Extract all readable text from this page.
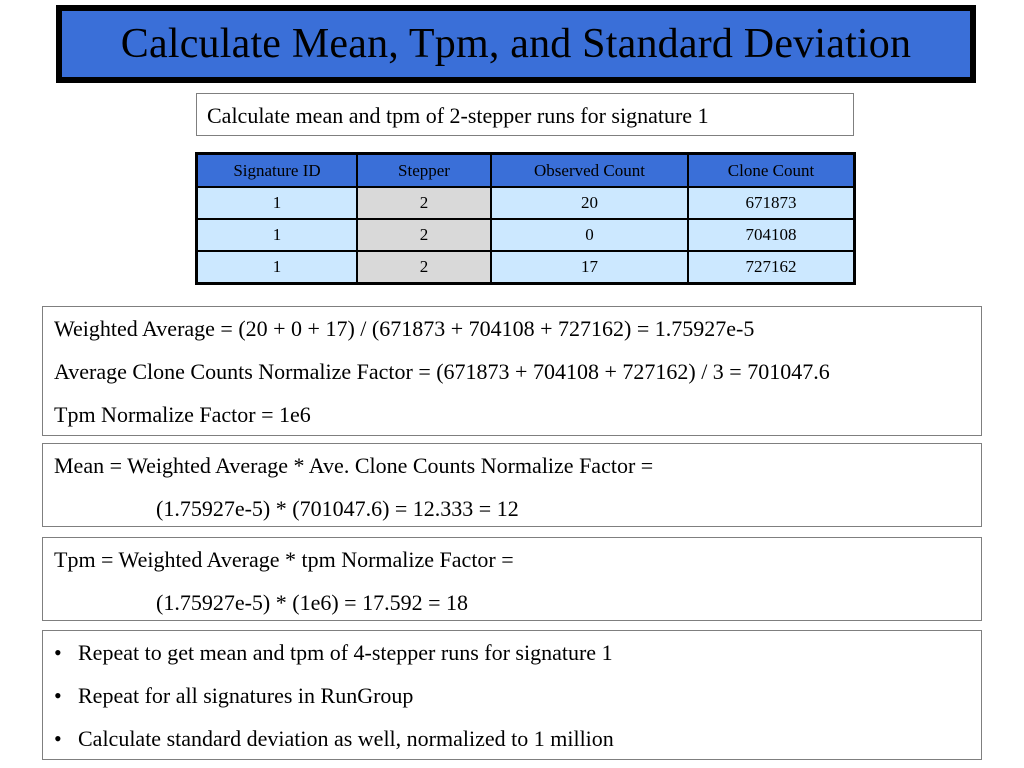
Calculate Mean, Tpm, and Standard Deviation
Calculate mean and tpm of 2-stepper runs for signature 1
Signature ID	Stepper	Observed Count	Clone Count
1	2	20	671873
1	2	0	704108
1	2	17	727162
Weighted Average = (20 + 0 + 17) / (671873 + 704108 + 727162) = 1.75927e-5
Average Clone Counts Normalize Factor = (671873 + 704108 + 727162) / 3 = 701047.6
Tpm Normalize Factor = 1e6
Mean = Weighted Average * Ave. Clone Counts Normalize Factor =
(1.75927e-5) * (701047.6) = 12.333 = 12
Tpm = Weighted Average * tpm Normalize Factor =
(1.75927e-5) * (1e6) = 17.592 = 18
• Repeat to get mean and tpm of 4-stepper runs for signature 1
• Repeat for all signatures in RunGroup
• Calculate standard deviation as well, normalized to 1 million
